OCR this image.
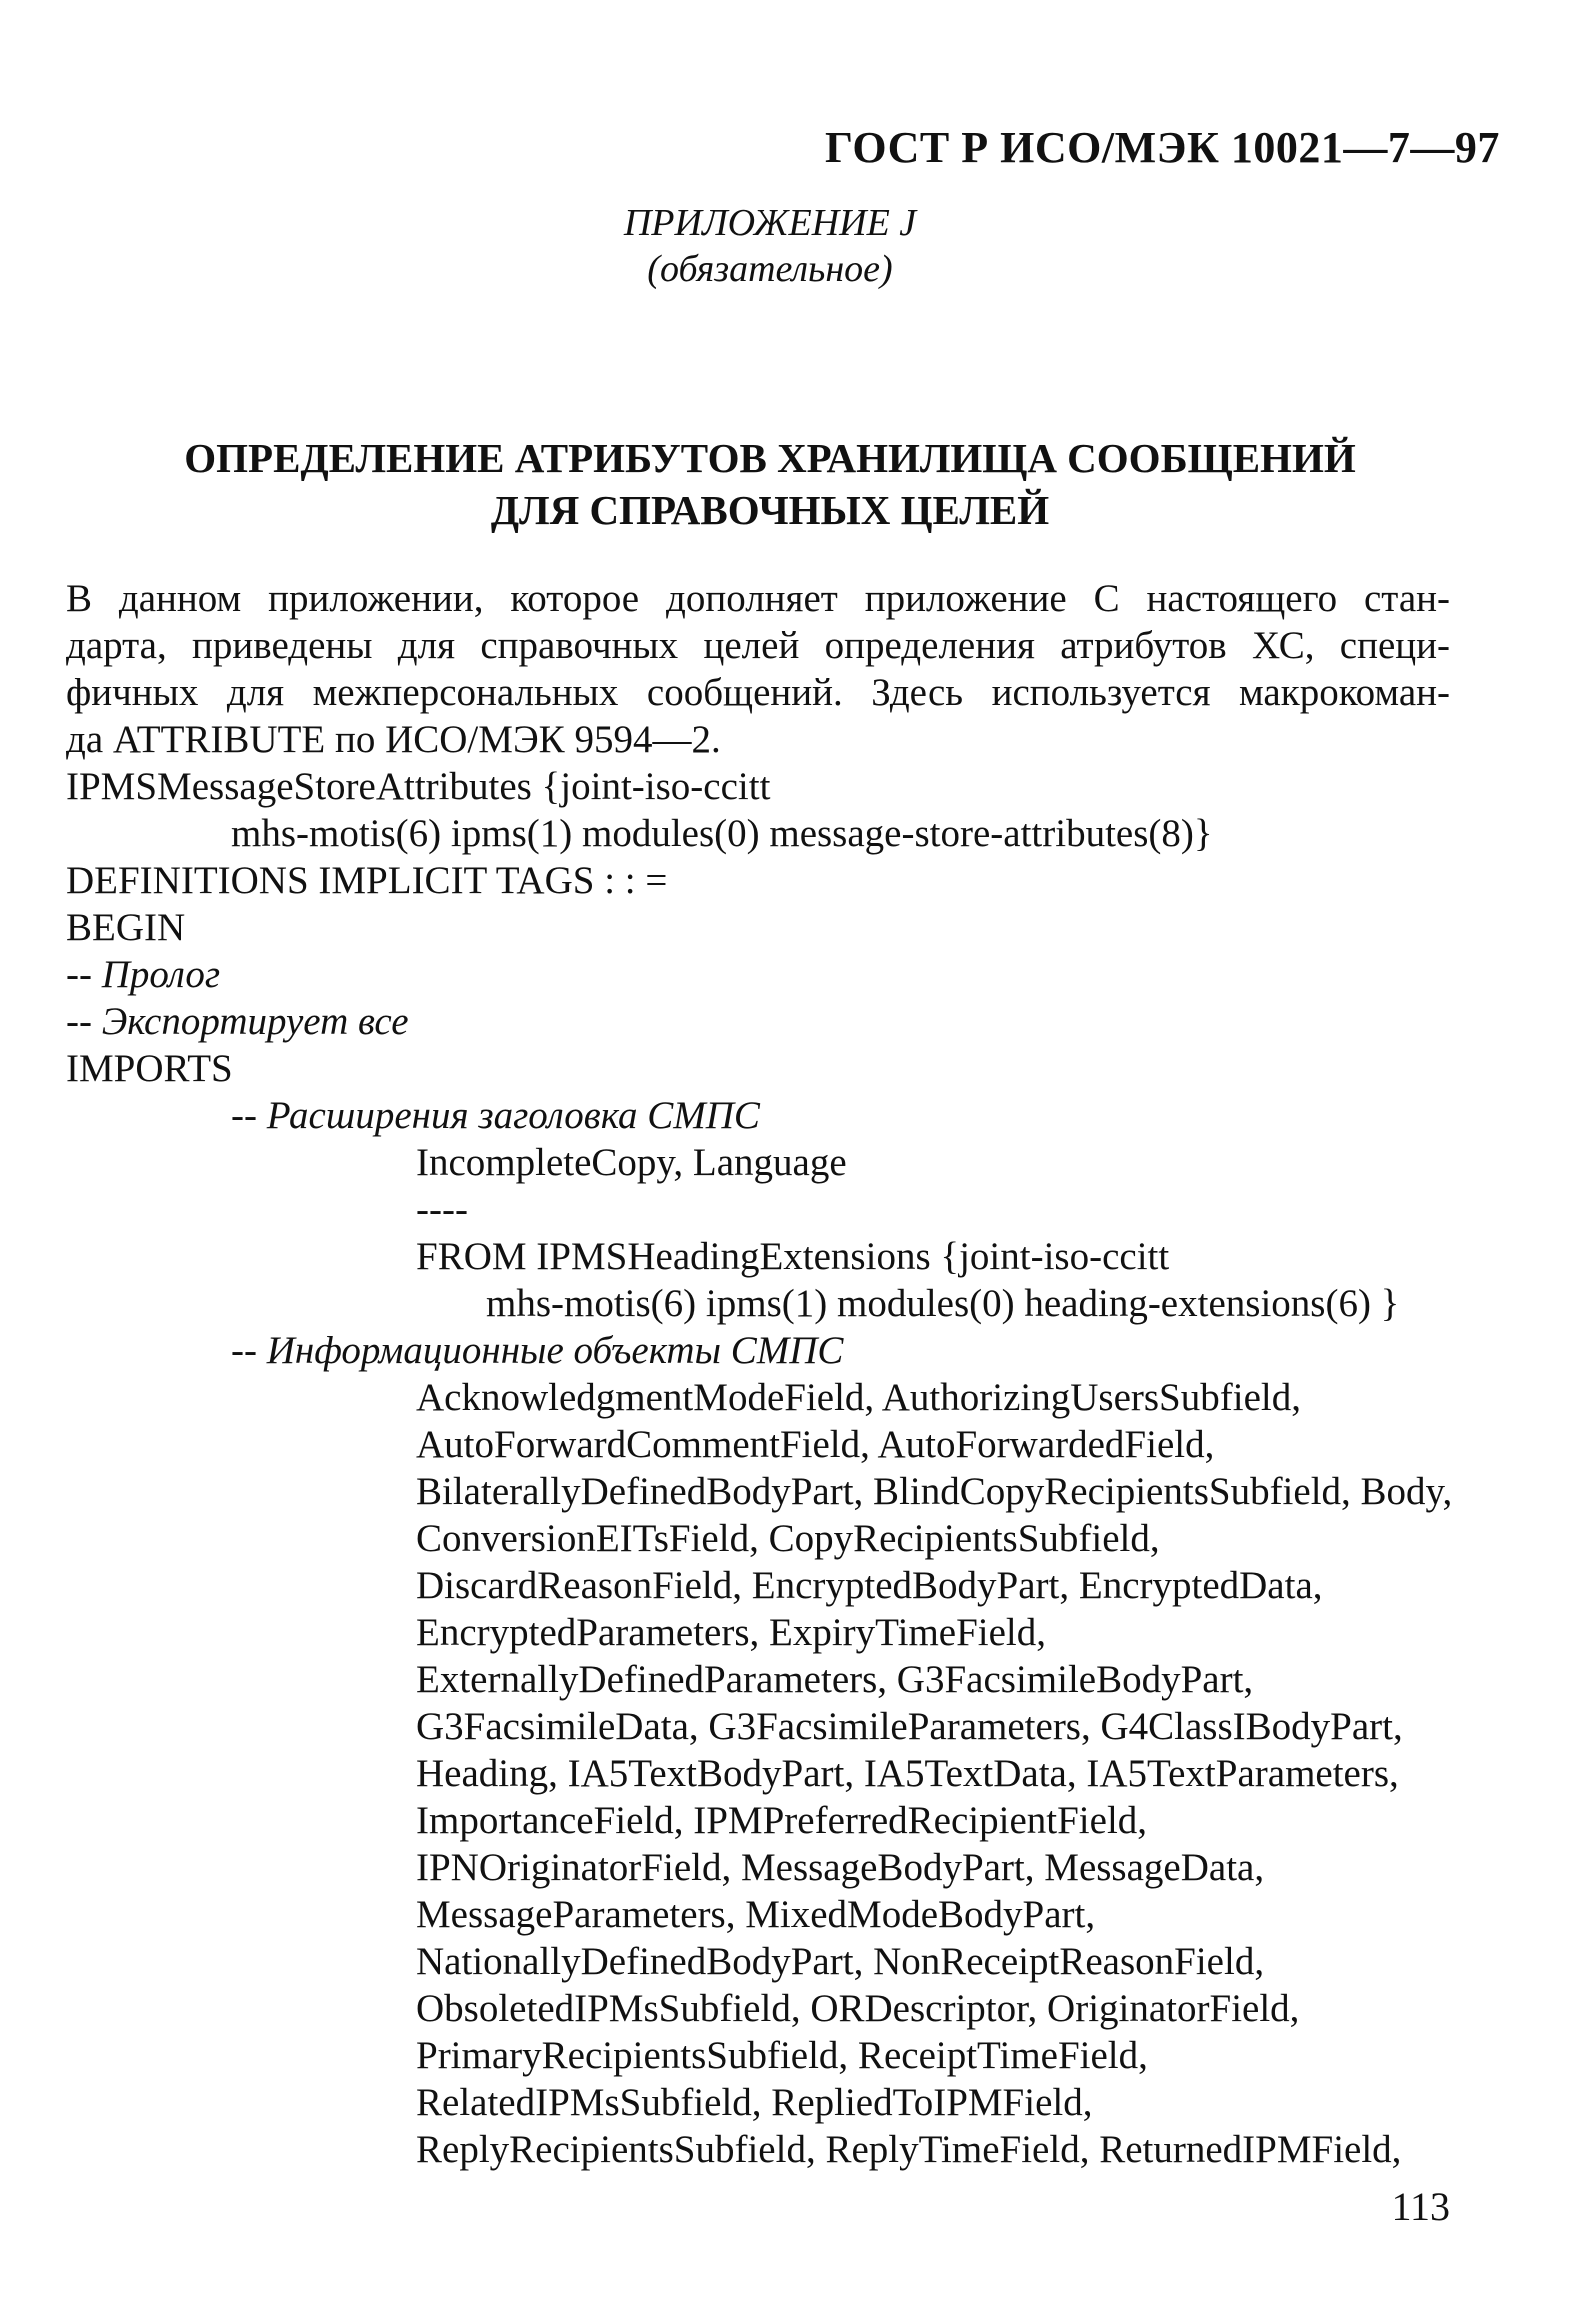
ГОСТ Р ИСО/МЭК 10021—7—97
ПРИЛОЖЕНИЕ J
(обязательное)
ОПРЕДЕЛЕНИЕ АТРИБУТОВ ХРАНИЛИЩА СООБЩЕНИЙ
ДЛЯ СПРАВОЧНЫХ ЦЕЛЕЙ
В данном приложении, которое дополняет приложение С настоящего стан-
дарта, приведены для справочных целей определения атрибутов ХС, специ-
фичных для межперсональных сообщений. Здесь используется макрокоман-
да ATTRIBUTE по ИСО/МЭК 9594—2.
IPMSMessageStoreAttributes {joint-iso-ccitt
mhs-motis(6) ipms(1) modules(0) message-store-attributes(8)}
DEFINITIONS IMPLICIT TAGS : : =
BEGIN
-- Пролог
-- Экспортирует все
IMPORTS
-- Расширения заголовка СМПС
IncompleteCopy, Language
----
FROM IPMSHeadingExtensions {joint-iso-ccitt
mhs-motis(6) ipms(1) modules(0) heading-extensions(6) }
-- Информационные объекты СМПС
AcknowledgmentModeField, AuthorizingUsersSubfield,
AutoForwardCommentField, AutoForwardedField,
BilaterallyDefinedBodyPart, BlindCopyRecipientsSubfield, Body,
ConversionEITsField, CopyRecipientsSubfield,
DiscardReasonField, EncryptedBodyPart, EncryptedData,
EncryptedParameters, ExpiryTimeField,
ExternallyDefinedParameters, G3FacsimileBodyPart,
G3FacsimileData, G3FacsimileParameters, G4ClassIBodyPart,
Heading, IA5TextBodyPart, IA5TextData, IA5TextParameters,
ImportanceField, IPMPreferredRecipientField,
IPNOriginatorField, MessageBodyPart, MessageData,
MessageParameters, MixedModeBodyPart,
NationallyDefinedBodyPart, NonReceiptReasonField,
ObsoletedIPMsSubfield, ORDescriptor, OriginatorField,
PrimaryRecipientsSubfield, ReceiptTimeField,
RelatedIPMsSubfield, RepliedToIPMField,
ReplyRecipientsSubfield, ReplyTimeField, ReturnedIPMField,
113
